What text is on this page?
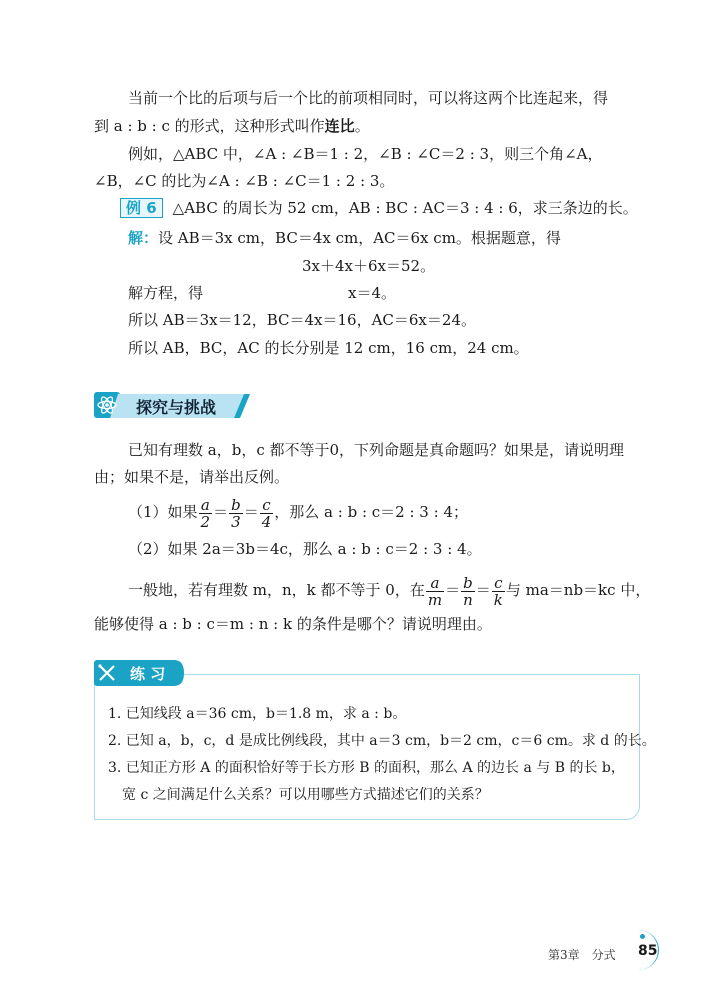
当前一个比的后项与后一个比的前项相同时，可以将这两个比连起来，得
到 a : b : c 的形式，这种形式叫作连比。
例如，△ABC 中，∠A : ∠B＝1 : 2，∠B : ∠C＝2 : 3，则三个角∠A，
∠B，∠C 的比为∠A : ∠B : ∠C＝1 : 2 : 3。
例 6 △ABC 的周长为 52 cm，AB : BC : AC＝3 : 4 : 6，求三条边的长。
解：设 AB＝3x cm，BC＝4x cm，AC＝6x cm。根据题意，得
3x＋4x＋6x＝52。
解方程，得	x＝4。
所以 AB＝3x＝12，BC＝4x＝16，AC＝6x＝24。
所以 AB，BC，AC 的长分别是 12 cm，16 cm，24 cm。
探究与挑战
已知有理数 a，b，c 都不等于0，下列命题是真命题吗？如果是，请说明理
由；如果不是，请举出反例。
（1）如果 $\frac{a}{2} = \frac{b}{3} = \frac{c}{4}$ ，那么 a : b : c＝2 : 3 : 4；
（2）如果 2a＝3b＝4c，那么 a : b : c＝2 : 3 : 4。
一般地，若有理数 m，n，k 都不等于 0，在 $\frac{a}{m} = \frac{b}{n} = \frac{c}{k}$ 与 ma＝nb＝kc 中，
能够使得 a : b : c＝m : n : k 的条件是哪个？请说明理由。
练 习
1. 已知线段 a＝36 cm，b＝1.8 m，求 a : b。
2. 已知 a，b，c，d 是成比例线段，其中 a＝3 cm，b＝2 cm，c＝6 cm。求 d 的长。
3. 已知正方形 A 的面积恰好等于长方形 B 的面积，那么 A 的边长 a 与 B 的长 b，
宽 c 之间满足什么关系？可以用哪些方式描述它们的关系？
第3章　分式 85
